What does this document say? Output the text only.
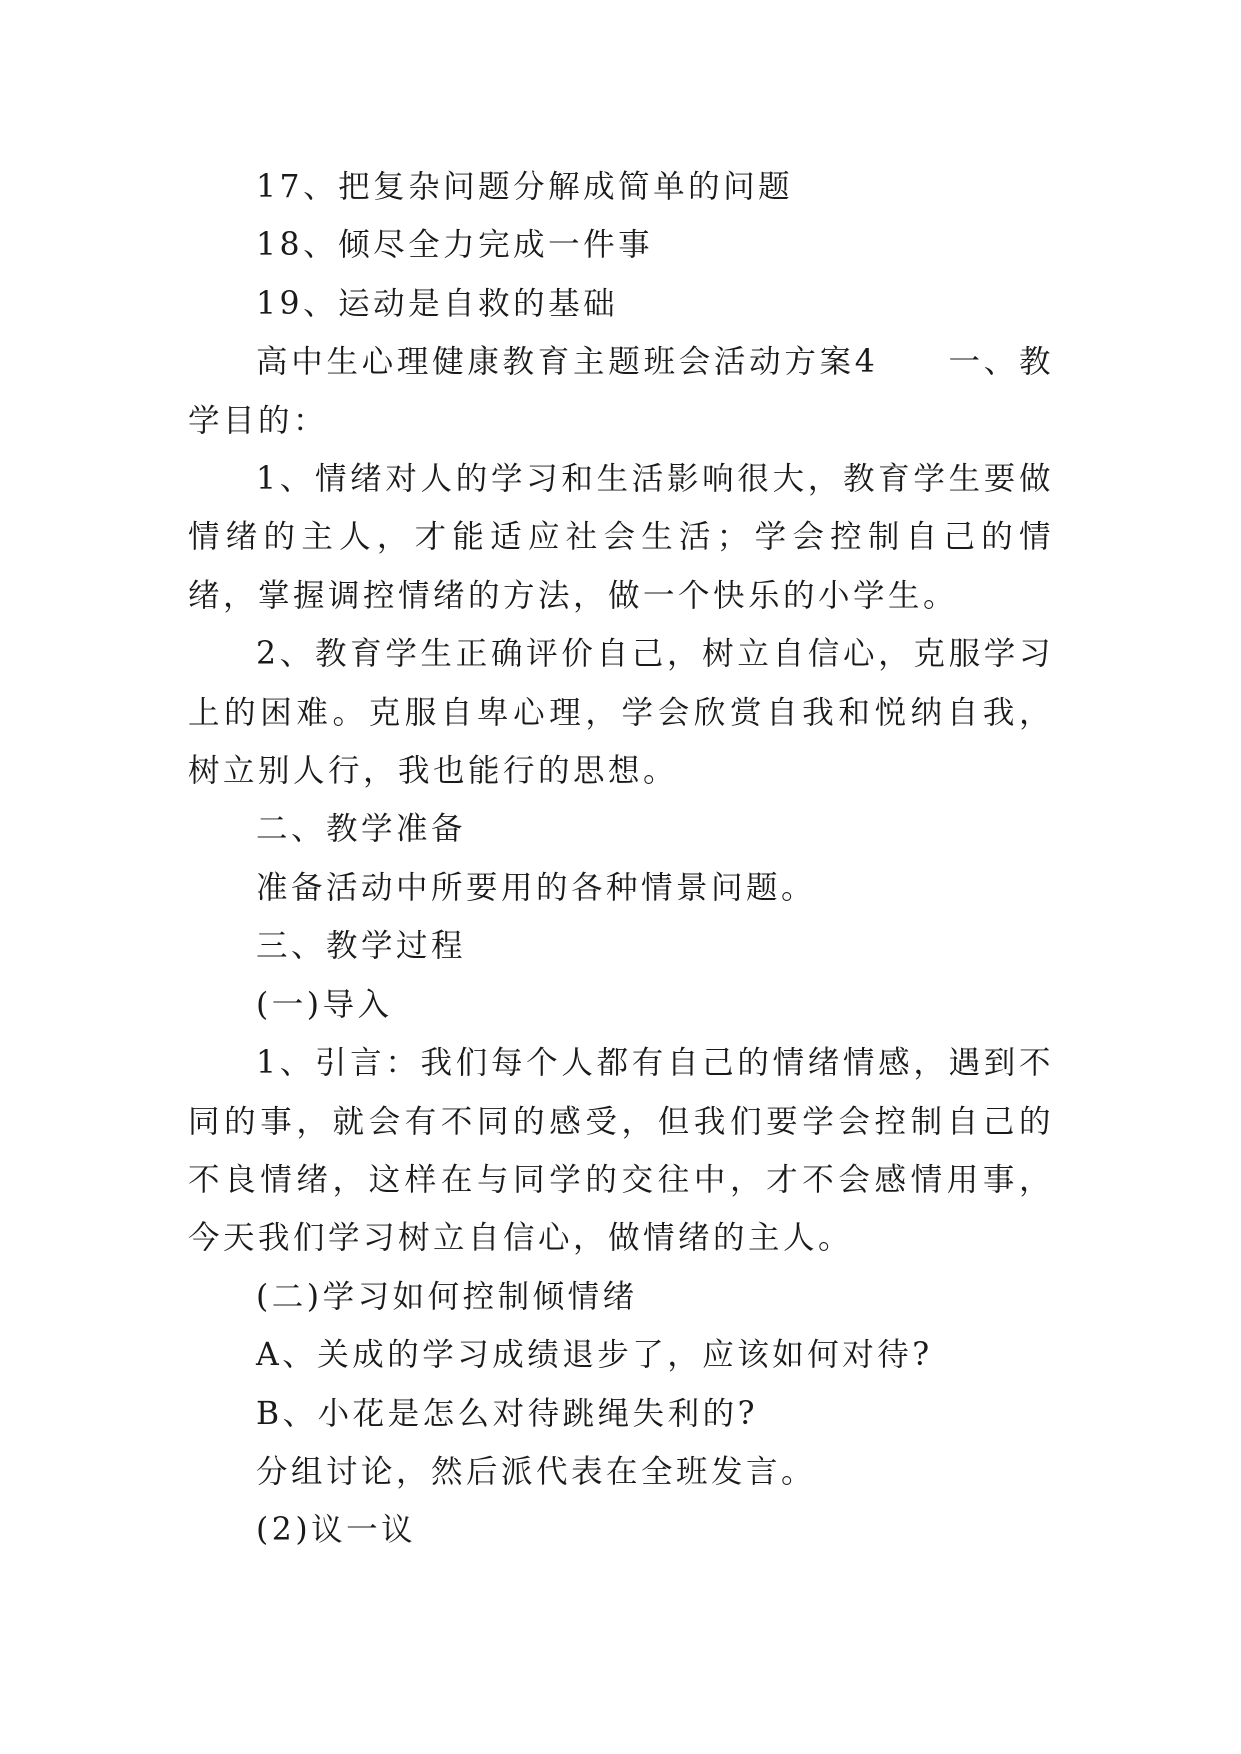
17、把复杂问题分解成简单的问题

18、倾尽全力完成一件事

19、运动是自救的基础

高中生心理健康教育主题班会活动方案4 一、教学目的：

1、情绪对人的学习和生活影响很大，教育学生要做情绪的主人，才能适应社会生活；学会控制自己的情绪，掌握调控情绪的方法，做一个快乐的小学生。

2、教育学生正确评价自己，树立自信心，克服学习上的困难。克服自卑心理，学会欣赏自我和悦纳自我，树立别人行，我也能行的思想。

二、教学准备

准备活动中所要用的各种情景问题。

三、教学过程

(一)导入

1、引言：我们每个人都有自己的情绪情感，遇到不同的事，就会有不同的感受，但我们要学会控制自己的不良情绪，这样在与同学的交往中，才不会感情用事，今天我们学习树立自信心，做情绪的主人。

(二)学习如何控制倾情绪

A、关成的学习成绩退步了，应该如何对待?

B、小花是怎么对待跳绳失利的?

分组讨论，然后派代表在全班发言。

(2)议一议
